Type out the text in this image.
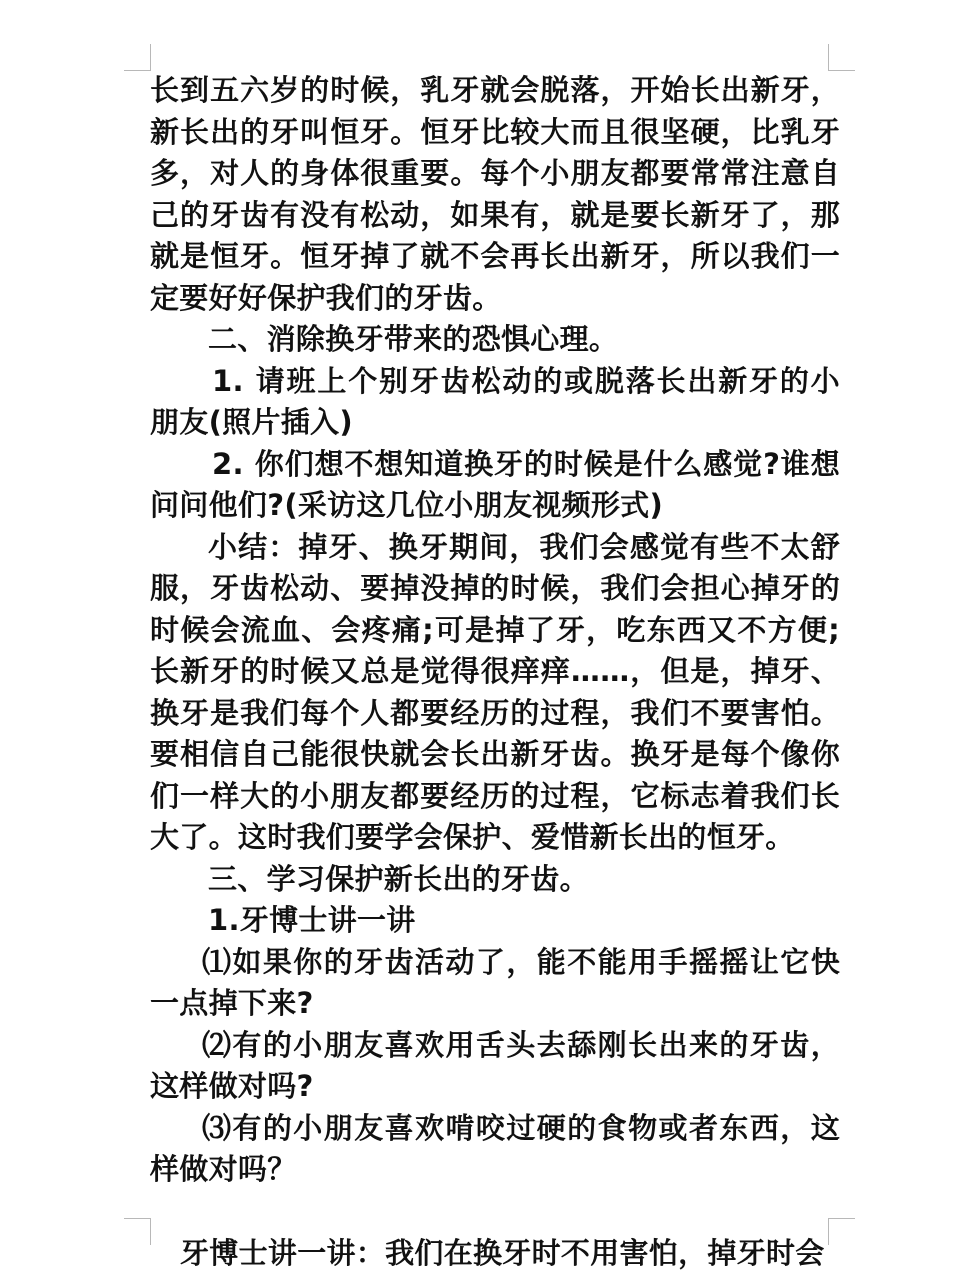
长到五六岁的时候，乳牙就会脱落，开始长出新牙，新长出的牙叫恒牙。恒牙比较大而且很坚硬，比乳牙多，对人的身体很重要。每个小朋友都要常常注意自己的牙齿有没有松动，如果有，就是要长新牙了，那就是恒牙。恒牙掉了就不会再长出新牙，所以我们一定要好好保护我们的牙齿。

二、消除换牙带来的恐惧心理。

1. 请班上个别牙齿松动的或脱落长出新牙的小朋友(照片插入)

2. 你们想不想知道换牙的时候是什么感觉?谁想问问他们?(采访这几位小朋友视频形式)

小结：掉牙、换牙期间，我们会感觉有些不太舒服，牙齿松动、要掉没掉的时候，我们会担心掉牙的时候会流血、会疼痛;可是掉了牙，吃东西又不方便;长新牙的时候又总是觉得很痒痒……，但是，掉牙、换牙是我们每个人都要经历的过程，我们不要害怕。要相信自己能很快就会长出新牙齿。换牙是每个像你们一样大的小朋友都要经历的过程，它标志着我们长大了。这时我们要学会保护、爱惜新长出的恒牙。

三、学习保护新长出的牙齿。

1.牙博士讲一讲

⑴如果你的牙齿活动了，能不能用手摇摇让它快一点掉下来?

⑵有的小朋友喜欢用舌头去舔刚长出来的牙齿，这样做对吗?

⑶有的小朋友喜欢啃咬过硬的食物或者东西，这样做对吗？

牙博士讲一讲：我们在换牙时不用害怕，掉牙时会
